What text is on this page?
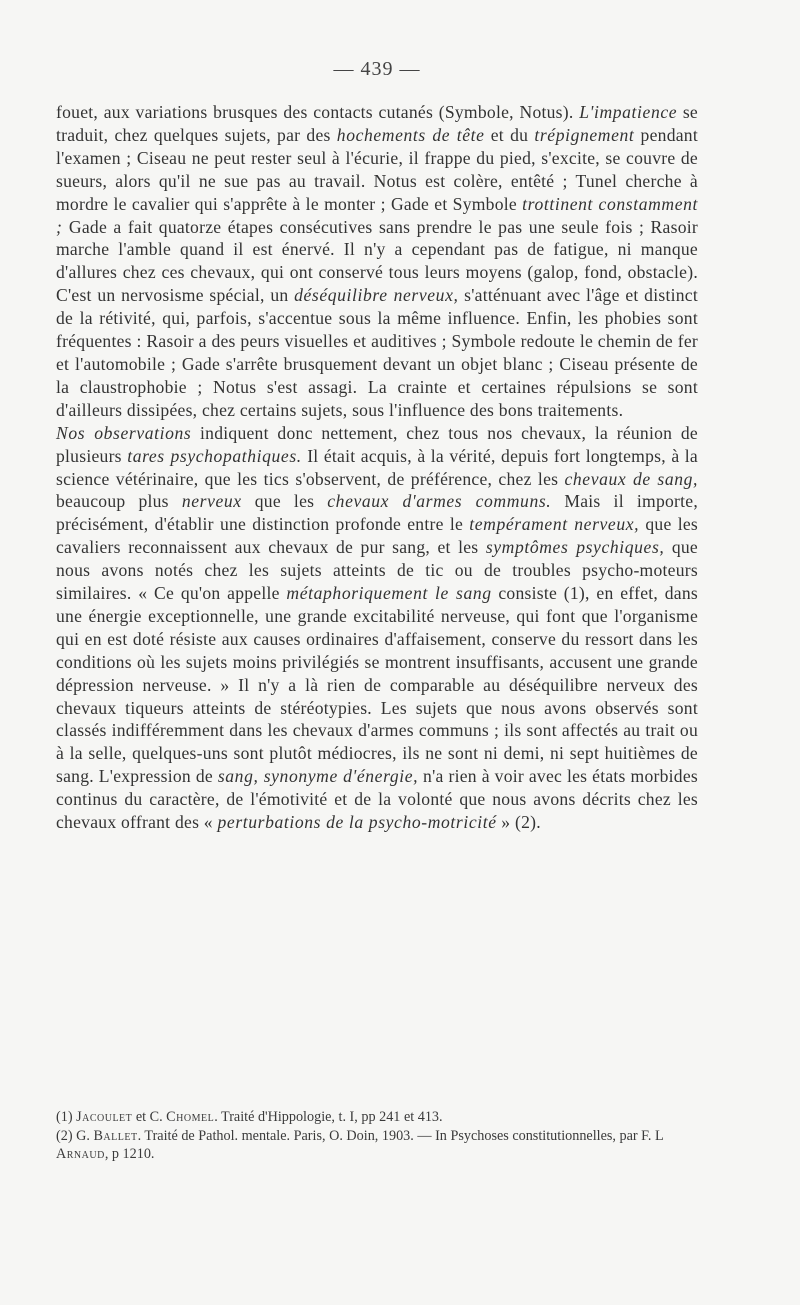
— 439 —

fouet, aux variations brusques des contacts cutanés (Symbole, Notus). L'impatience se traduit, chez quelques sujets, par des hochements de tête et du trépignement pendant l'examen ; Ciseau ne peut rester seul à l'écurie, il frappe du pied, s'excite, se couvre de sueurs, alors qu'il ne sue pas au travail. Notus est colère, entêté ; Tunel cherche à mordre le cavalier qui s'apprête à le monter ; Gade et Symbole trottinent constamment ; Gade a fait quatorze étapes consécutives sans prendre le pas une seule fois ; Rasoir marche l'amble quand il est énervé. Il n'y a cependant pas de fatigue, ni manque d'allures chez ces chevaux, qui ont conservé tous leurs moyens (galop, fond, obstacle). C'est un nervosisme spécial, un déséquilibre nerveux, s'atténuant avec l'âge et distinct de la rétivité, qui, parfois, s'accentue sous la même influence. Enfin, les phobies sont fréquentes : Rasoir a des peurs visuelles et auditives ; Symbole redoute le chemin de fer et l'automobile ; Gade s'arrête brusquement devant un objet blanc ; Ciseau présente de la claustrophobie ; Notus s'est assagi. La crainte et certaines répulsions se sont d'ailleurs dissipées, chez certains sujets, sous l'influence des bons traitements.

Nos observations indiquent donc nettement, chez tous nos chevaux, la réunion de plusieurs tares psychopathiques. Il était acquis, à la vérité, depuis fort longtemps, à la science vétérinaire, que les tics s'observent, de préférence, chez les chevaux de sang, beaucoup plus nerveux que les chevaux d'armes communs. Mais il importe, précisément, d'établir une distinction profonde entre le tempérament nerveux, que les cavaliers reconnaissent aux chevaux de pur sang, et les symptômes psychiques, que nous avons notés chez les sujets atteints de tic ou de troubles psycho-moteurs similaires. « Ce qu'on appelle métaphoriquement le sang consiste (1), en effet, dans une énergie exceptionnelle, une grande excitabilité nerveuse, qui font que l'organisme qui en est doté résiste aux causes ordinaires d'affaisement, conserve du ressort dans les conditions où les sujets moins privilégiés se montrent insuffisants, accusent une grande dépression nerveuse. » Il n'y a là rien de comparable au déséquilibre nerveux des chevaux tiqueurs atteints de stéréotypies. Les sujets que nous avons observés sont classés indifféremment dans les chevaux d'armes communs ; ils sont affectés au trait ou à la selle, quelques-uns sont plutôt médiocres, ils ne sont ni demi, ni sept huitièmes de sang. L'expression de sang, synonyme d'énergie, n'a rien à voir avec les états morbides continus du caractère, de l'émotivité et de la volonté que nous avons décrits chez les chevaux offrant des « perturbations de la psycho-motricité » (2).

(1) Jacoulet et C. Chomel. Traité d'Hippologie, t. I, pp 241 et 413.

(2) G. Ballet. Traité de Pathol. mentale. Paris, O. Doin, 1903. — In Psychoses constitutionnelles, par F. L Arnaud, p 1210.
